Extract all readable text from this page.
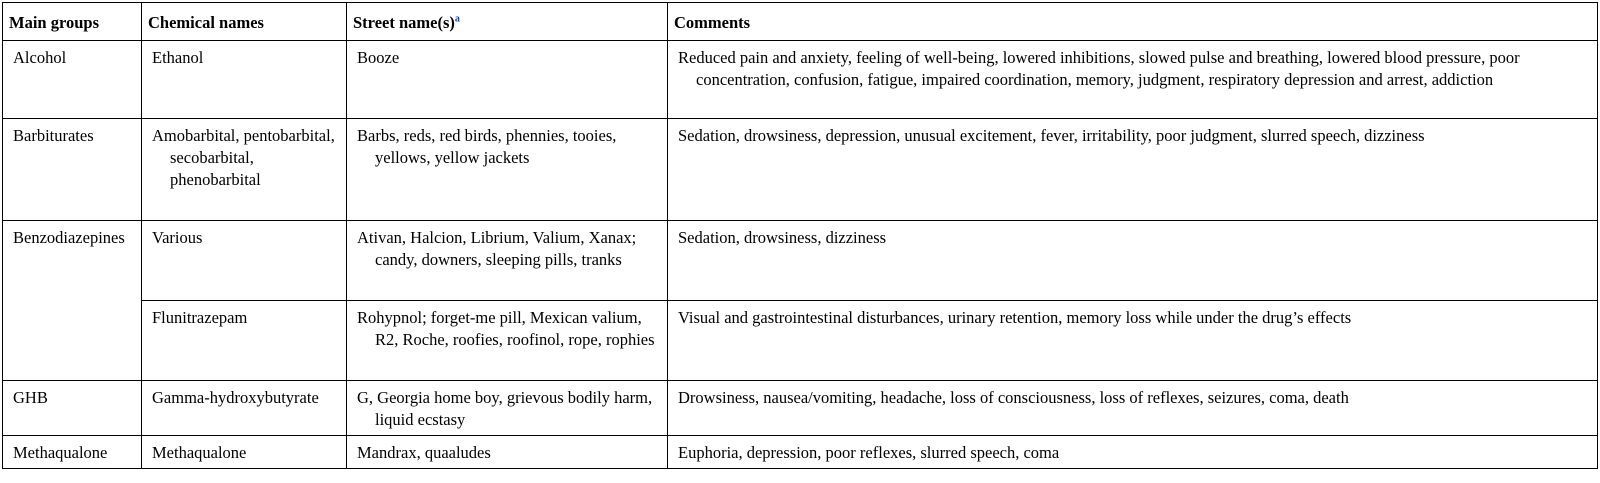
Main groups	Chemical names	Street $name(s)^a$	Comments
Alcohol	Ethanol	Booze	Reduced pain and anxiety, feeling of well-being, lowered inhibitions, slowed pulse and breathing, lowered blood pressure, poor concentration, confusion, fatigue, impaired coordination, memory, judgment, respiratory depression and arrest, addiction
Barbiturates	Amobarbital, pentobarbital, secobarbital, phenobarbital	Barbs, reds, red birds, phennies, tooies, yellows, yellow jackets	Sedation, drowsiness, depression, unusual excitement, fever, irritability, poor judgment, slurred speech, dizziness
Benzodiazepines	Various	Ativan, Halcion, Librium, Valium, Xanax; candy, downers, sleeping pills, tranks	Sedation, drowsiness, dizziness
	Flunitrazepam	Rohypnol; forget-me pill, Mexican valium, R2, Roche, roofies, roofinol, rope, rophies	Visual and gastrointestinal disturbances, urinary retention, memory loss while under the drug’s effects
GHB	Gamma-hydroxybutyrate	G, Georgia home boy, grievous bodily harm, liquid ecstasy	Drowsiness, nausea/vomiting, headache, loss of consciousness, loss of reflexes, seizures, coma, death
Methaqualone	Methaqualone	Mandrax, quaaludes	Euphoria, depression, poor reflexes, slurred speech, coma
